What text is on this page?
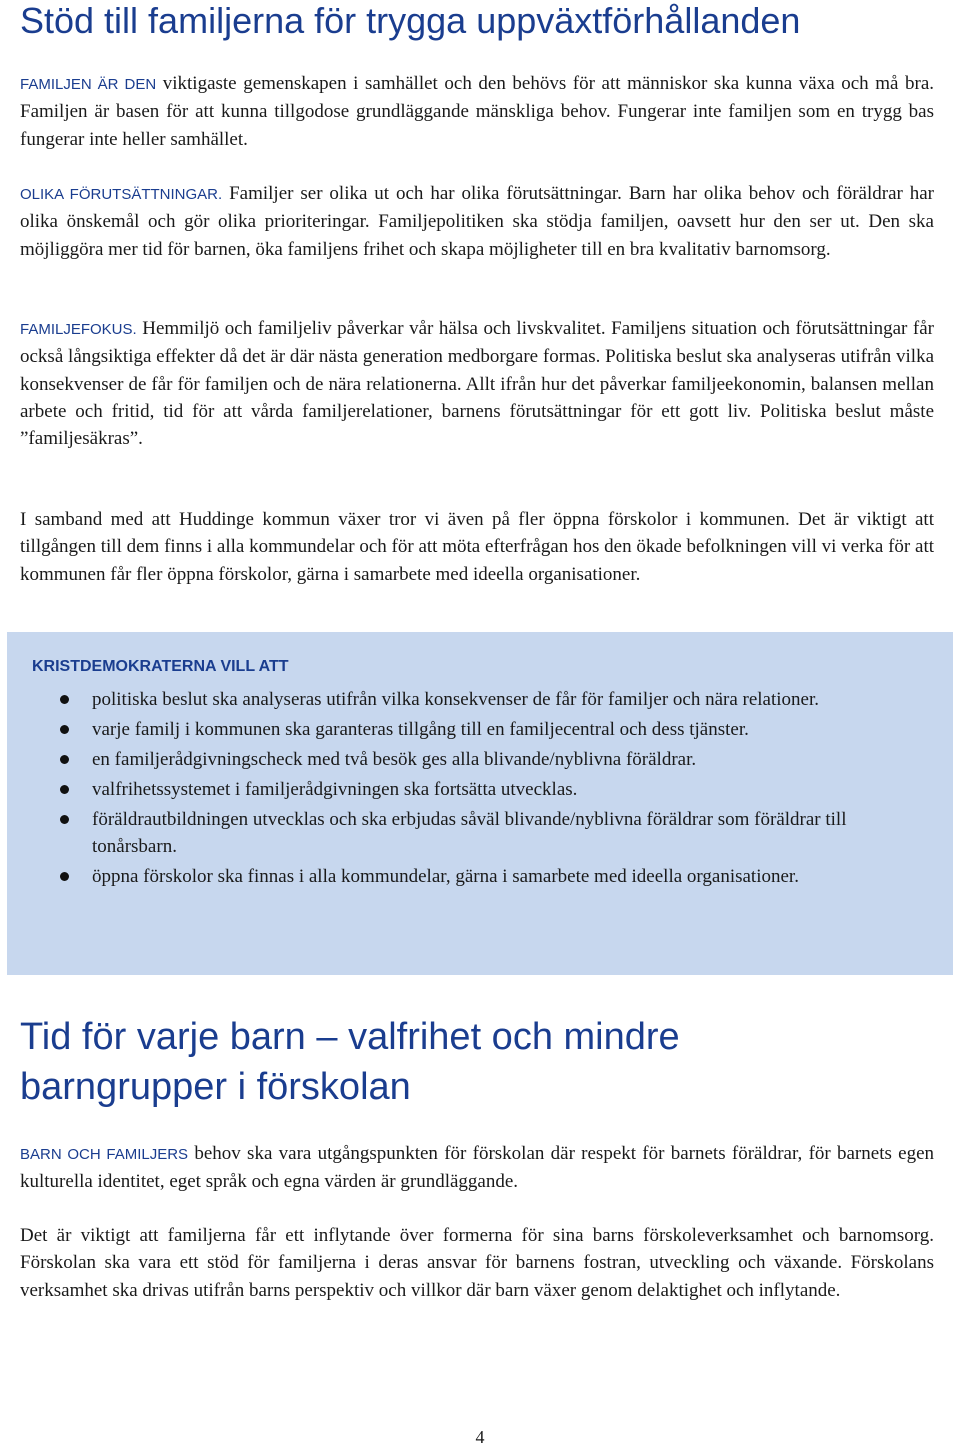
Stöd till familjerna för trygga uppväxtförhållanden

FAMILJEN ÄR DEN viktigaste gemenskapen i samhället och den behövs för att människor ska kunna växa och må bra. Familjen är basen för att kunna tillgodose grundläggande mänskliga behov. Fungerar inte familjen som en trygg bas fungerar inte heller samhället.

OLIKA FÖRUTSÄTTNINGAR. Familjer ser olika ut och har olika förutsättningar. Barn har olika behov och föräldrar har olika önskemål och gör olika prioriteringar. Familjepolitiken ska stödja familjen, oavsett hur den ser ut. Den ska möjliggöra mer tid för barnen, öka familjens frihet och skapa möjligheter till en bra kvalitativ barnomsorg.

FAMILJEFOKUS. Hemmiljö och familjeliv påverkar vår hälsa och livskvalitet. Familjens situation och förutsättningar får också långsiktiga effekter då det är där nästa generation medborgare formas. Politiska beslut ska analyseras utifrån vilka konsekvenser de får för familjen och de nära relationerna. Allt ifrån hur det påverkar familjeekonomin, balansen mellan arbete och fritid, tid för att vårda familjerelationer, barnens förutsättningar för ett gott liv. Politiska beslut måste ”familjesäkras”.

I samband med att Huddinge kommun växer tror vi även på fler öppna förskolor i kommunen. Det är viktigt att tillgången till dem finns i alla kommundelar och för att möta efterfrågan hos den ökade befolkningen vill vi verka för att kommunen får fler öppna förskolor, gärna i samarbete med ideella organisationer.

KRISTDEMOKRATERNA VILL ATT
politiska beslut ska analyseras utifrån vilka konsekvenser de får för familjer och nära relationer.
varje familj i kommunen ska garanteras tillgång till en familjecentral och dess tjänster.
en familjerådgivningscheck med två besök ges alla blivande/nyblivna föräldrar.
valfrihetssystemet i familjerådgivningen ska fortsätta utvecklas.
föräldrautbildningen utvecklas och ska erbjudas såväl blivande/nyblivna föräldrar som föräldrar till tonårsbarn.
öppna förskolor ska finnas i alla kommundelar, gärna i samarbete med ideella organisationer.
Tid för varje barn – valfrihet och mindre barngrupper i förskolan

BARN OCH FAMILJERS behov ska vara utgångspunkten för förskolan där respekt för barnets föräldrar, för barnets egen kulturella identitet, eget språk och egna värden är grundläggande.

Det är viktigt att familjerna får ett inflytande över formerna för sina barns förskoleverksamhet och barnomsorg. Förskolan ska vara ett stöd för familjerna i deras ansvar för barnens fostran, utveckling och växande. Förskolans verksamhet ska drivas utifrån barns perspektiv och villkor där barn växer genom delaktighet och inflytande.

4
